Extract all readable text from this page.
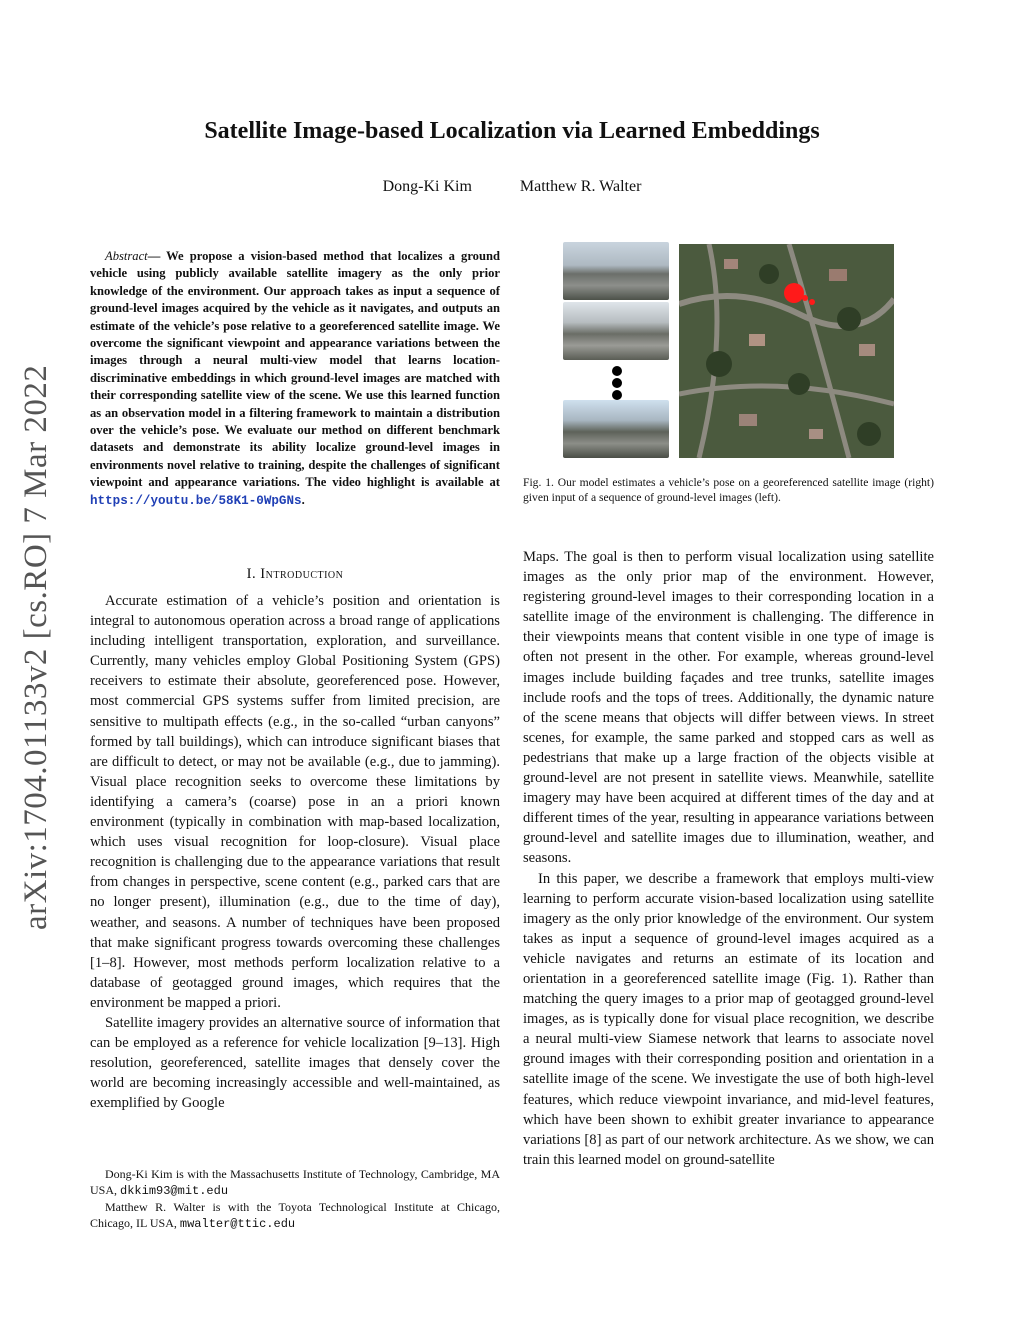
arXiv:1704.01133v2 [cs.RO] 7 Mar 2022
Satellite Image-based Localization via Learned Embeddings
Dong-Ki Kim	Matthew R. Walter
Abstract— We propose a vision-based method that localizes a ground vehicle using publicly available satellite imagery as the only prior knowledge of the environment. Our approach takes as input a sequence of ground-level images acquired by the vehicle as it navigates, and outputs an estimate of the vehicle’s pose relative to a georeferenced satellite image. We overcome the significant viewpoint and appearance variations between the images through a neural multi-view model that learns location-discriminative embeddings in which ground-level images are matched with their corresponding satellite view of the scene. We use this learned function as an observation model in a filtering framework to maintain a distribution over the vehicle’s pose. We evaluate our method on different benchmark datasets and demonstrate its ability localize ground-level images in environments novel relative to training, despite the challenges of significant viewpoint and appearance variations. The video highlight is available at https://youtu.be/58K1-0WpGNs.
I. Introduction

Accurate estimation of a vehicle’s position and orientation is integral to autonomous operation across a broad range of applications including intelligent transportation, exploration, and surveillance. Currently, many vehicles employ Global Positioning System (GPS) receivers to estimate their absolute, georeferenced pose. However, most commercial GPS systems suffer from limited precision, are sensitive to multipath effects (e.g., in the so-called “urban canyons” formed by tall buildings), which can introduce significant biases that are difficult to detect, or may not be available (e.g., due to jamming). Visual place recognition seeks to overcome these limitations by identifying a camera’s (coarse) pose in an a priori known environment (typically in combination with map-based localization, which uses visual recognition for loop-closure). Visual place recognition is challenging due to the appearance variations that result from changes in perspective, scene content (e.g., parked cars that are no longer present), illumination (e.g., due to the time of day), weather, and seasons. A number of techniques have been proposed that make significant progress towards overcoming these challenges [1–8]. However, most methods perform localization relative to a database of geotagged ground images, which requires that the environment be mapped a priori.

Satellite imagery provides an alternative source of information that can be employed as a reference for vehicle localization [9–13]. High resolution, georeferenced, satellite images that densely cover the world are becoming increasingly accessible and well-maintained, as exemplified by Google

Dong-Ki Kim is with the Massachusetts Institute of Technology, Cambridge, MA USA, dkkim93@mit.edu

Matthew R. Walter is with the Toyota Technological Institute at Chicago, Chicago, IL USA, mwalter@ttic.edu

Fig. 1. Our model estimates a vehicle’s pose on a georeferenced satellite image (right) given input of a sequence of ground-level images (left).

Maps. The goal is then to perform visual localization using satellite images as the only prior map of the environment. However, registering ground-level images to their corresponding location in a satellite image of the environment is challenging. The difference in their viewpoints means that content visible in one type of image is often not present in the other. For example, whereas ground-level images include building façades and tree trunks, satellite images include roofs and the tops of trees. Additionally, the dynamic nature of the scene means that objects will differ between views. In street scenes, for example, the same parked and stopped cars as well as pedestrians that make up a large fraction of the objects visible at ground-level are not present in satellite views. Meanwhile, satellite imagery may have been acquired at different times of the day and at different times of the year, resulting in appearance variations between ground-level and satellite images due to illumination, weather, and seasons.

In this paper, we describe a framework that employs multi-view learning to perform accurate vision-based localization using satellite imagery as the only prior knowledge of the environment. Our system takes as input a sequence of ground-level images acquired as a vehicle navigates and returns an estimate of its location and orientation in a georeferenced satellite image (Fig. 1). Rather than matching the query images to a prior map of geotagged ground-level images, as is typically done for visual place recognition, we describe a neural multi-view Siamese network that learns to associate novel ground images with their corresponding position and orientation in a satellite image of the scene. We investigate the use of both high-level features, which reduce viewpoint invariance, and mid-level features, which have been shown to exhibit greater invariance to appearance variations [8] as part of our network architecture. As we show, we can train this learned model on ground-satellite
